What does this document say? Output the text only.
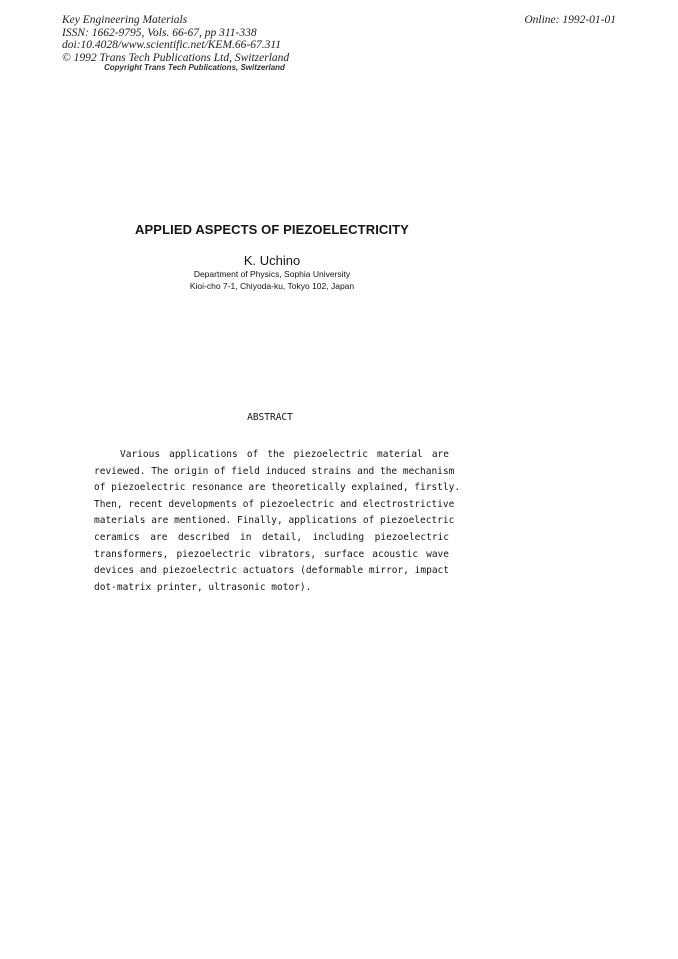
Key Engineering Materials
ISSN: 1662-9795, Vols. 66-67, pp 311-338
doi:10.4028/www.scientific.net/KEM.66-67.311
© 1992 Trans Tech Publications Ltd, Switzerland
Copyright Trans Tech Publications, Switzerland
Online: 1992-01-01
APPLIED ASPECTS OF PIEZOELECTRICITY
K. Uchino
Department of Physics, Sophia University
Kioi-cho 7-1, Chiyoda-ku, Tokyo 102, Japan
ABSTRACT
Various applications of the piezoelectric material are
reviewed. The origin of field induced strains and the mechanism
of piezoelectric resonance are theoretically explained, firstly.
Then, recent developments of piezoelectric and electrostrictive
materials are mentioned. Finally, applications of piezoelectric
ceramics are described in detail, including piezoelectric
transformers, piezoelectric vibrators, surface acoustic wave
devices and piezoelectric actuators (deformable mirror, impact
dot-matrix printer, ultrasonic motor).
